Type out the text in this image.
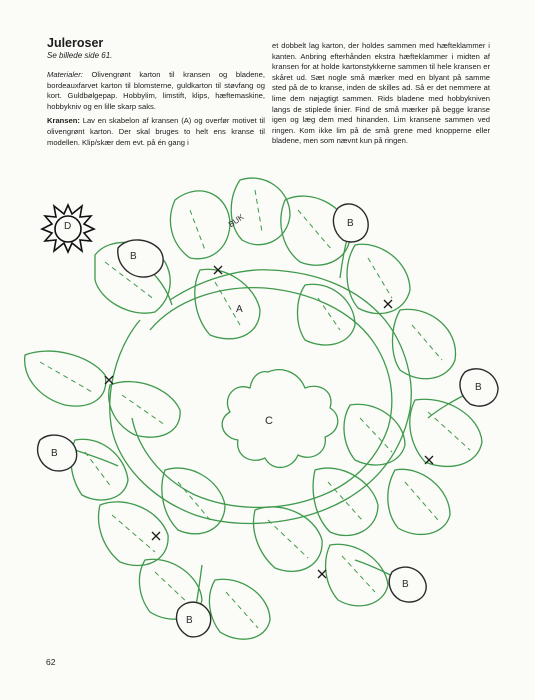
Juleroser
Se billede side 61.

Materialer: Olivengrønt karton til kransen og bladene, bordeauxfarvet karton til blomsterne, guldkarton til støvfang og kort. Guldbølgepap. Hobbylim, limstift, klips, hæftemaskine, hobbykniv og en lille skarp saks.

Kransen: Lav en skabelon af kransen (A) og overfør motivet til olivengrønt karton. Der skal bruges to helt ens kranse til modellen. Klip/skær dem evt. på én gang i

et dobbelt lag karton, der holdes sammen med hæfteklammer i kanten. Anbring efterhånden ekstra hæfteklammer i midten af kransen for at holde kartonstykkerne sammen til hele kransen er skåret ud. Sæt nogle små mærker med en blyant på samme sted på de to kranse, inden de skilles ad. Så er det nemmere at lime dem nøjagtigt sammen. Rids bladene med hobbykniven langs de stiplede linier. Find de små mærker på begge kranse igen og læg dem med hinanden. Lim kransene sammen ved ringen. Kom ikke lim på de små grene med knopperne eller bladene, men som nævnt kun på ringen.

D
A
C
BUK
B
B
B
B
B
B
62
